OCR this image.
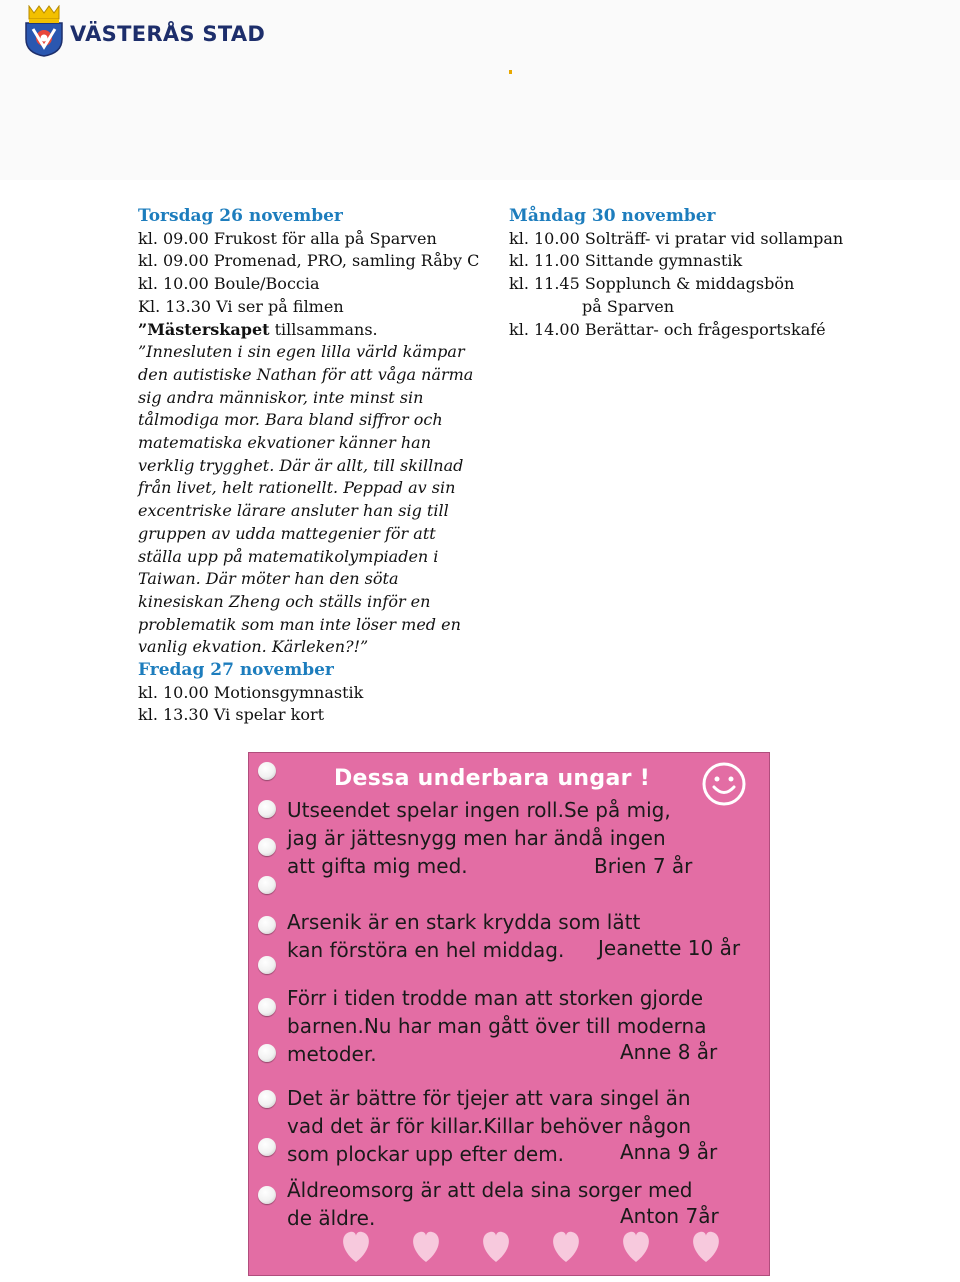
VÄSTERÅS STAD
Torsdag 26 november
kl. 09.00 Frukost för alla på Sparven
kl. 09.00 Promenad, PRO, samling Råby C
kl. 10.00 Boule/Boccia
Kl. 13.30 Vi ser på filmen
”Mästerskapet tillsammans.
”Innesluten i sin egen lilla värld kämpar
den autistiske Nathan för att våga närma
sig andra människor, inte minst sin
tålmodiga mor. Bara bland siffror och
matematiska ekvationer känner han
verklig trygghet. Där är allt, till skillnad
från livet, helt rationellt. Peppad av sin
excentriske lärare ansluter han sig till
gruppen av udda mattegenier för att
ställa upp på matematikolympiaden i
Taiwan. Där möter han den söta
kinesiskan Zheng och ställs inför en
problematik som man inte löser med en
vanlig ekvation. Kärleken?!”
Fredag 27 november
kl. 10.00 Motionsgymnastik
kl. 13.30 Vi spelar kort
Måndag 30 november
kl. 10.00 Solträff- vi pratar vid sollampan
kl. 11.00 Sittande gymnastik
kl. 11.45 Sopplunch & middagsbön
på Sparven
kl. 14.00 Berättar- och frågesportskafé
Dessa underbara ungar !
Utseendet spelar ingen roll.Se på mig,
jag är jättesnygg men har ändå ingen
att gifta mig med.	Brien 7 år
Arsenik är en stark krydda som lätt
kan förstöra en hel middag.	Jeanette 10 år
Förr i tiden trodde man att storken gjorde
barnen.Nu har man gått över till moderna
metoder.	Anne 8 år
Det är bättre för tjejer att vara singel än
vad det är för killar.Killar behöver någon
som plockar upp efter dem.	Anna 9 år
Äldreomsorg är att dela sina sorger med
de äldre.	Anton 7år
